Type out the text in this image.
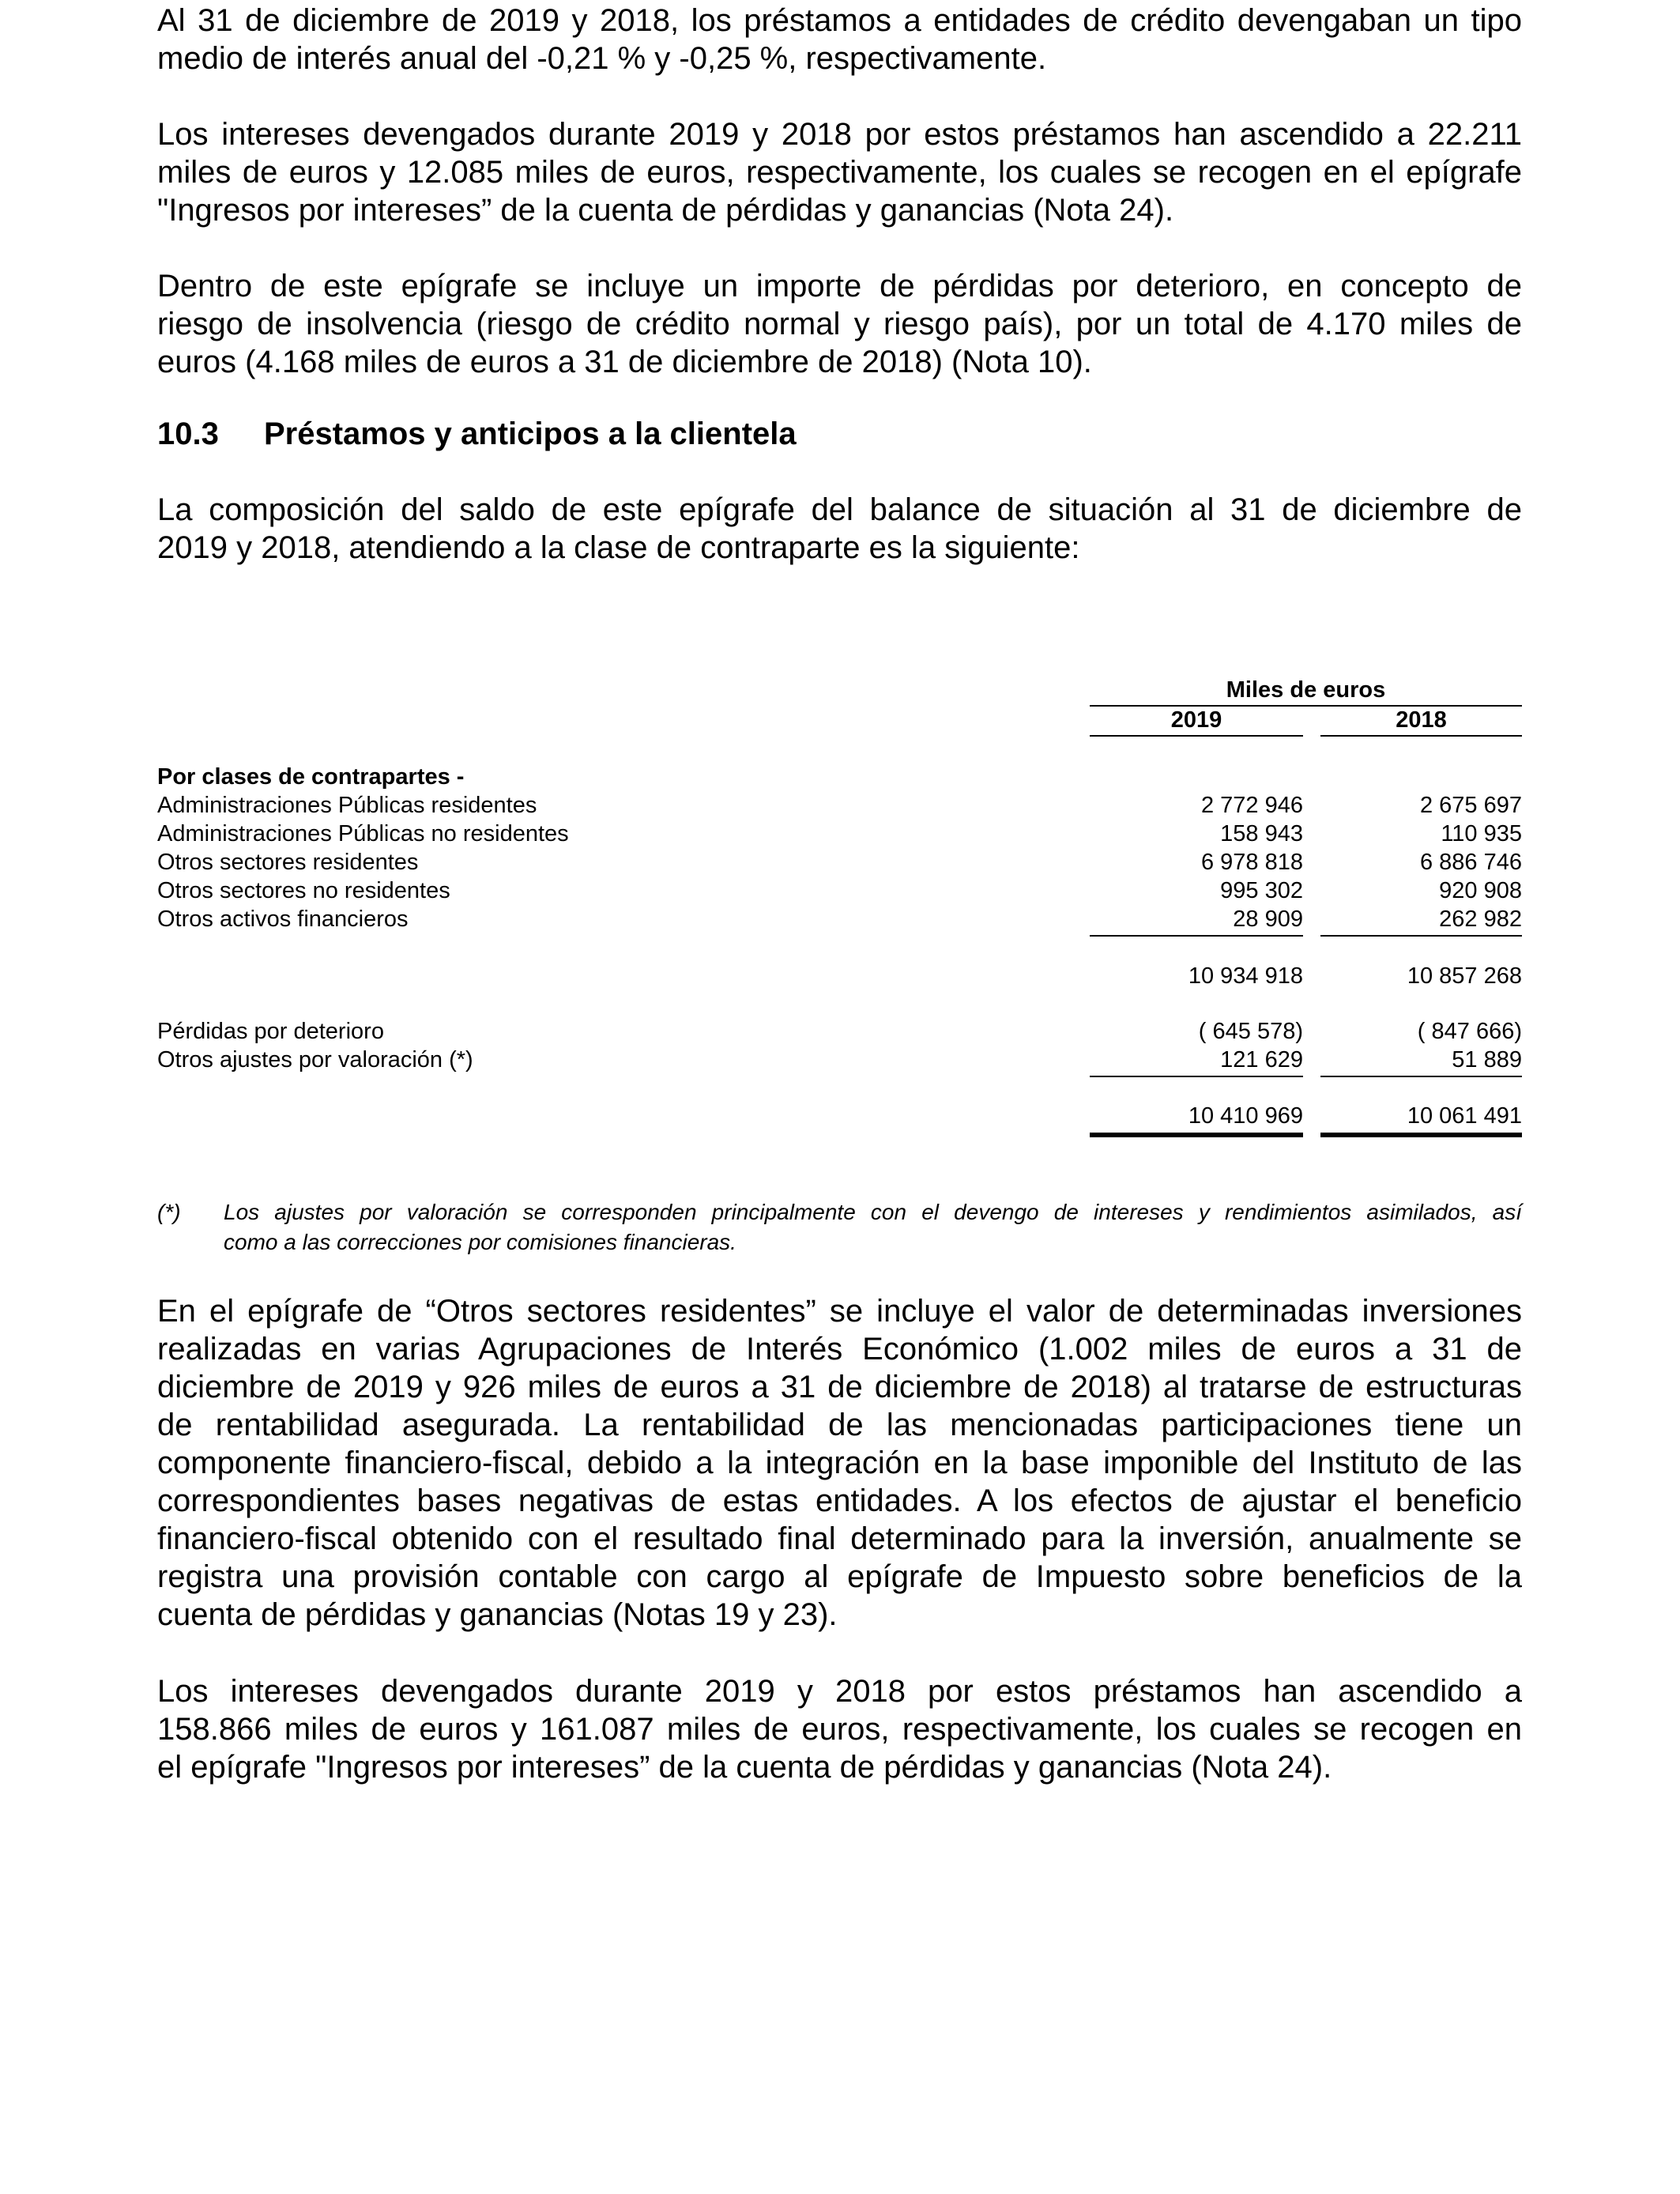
Al 31 de diciembre de 2019 y 2018, los préstamos a entidades de crédito devengaban un tipo
medio de interés anual del -0,21 % y -0,25 %, respectivamente.
Los intereses devengados durante 2019 y 2018 por estos préstamos han ascendido a 22.211
miles de euros y 12.085 miles de euros, respectivamente, los cuales se recogen en el epígrafe
"Ingresos por intereses” de la cuenta de pérdidas y ganancias (Nota 24).
Dentro de este epígrafe se incluye un importe de pérdidas por deterioro, en concepto de
riesgo de insolvencia (riesgo de crédito normal y riesgo país), por un total de 4.170 miles de
euros (4.168 miles de euros a 31 de diciembre de 2018) (Nota 10).
10.3 Préstamos y anticipos a la clientela
La composición del saldo de este epígrafe del balance de situación al 31 de diciembre de
2019 y 2018, atendiendo a la clase de contraparte es la siguiente:
Miles de euros
2019	2018
Por clases de contrapartes -
Administraciones Públicas residentes	2 772 946	2 675 697
Administraciones Públicas no residentes	158 943	110 935
Otros sectores residentes	6 978 818	6 886 746
Otros sectores no residentes	995 302	920 908
Otros activos financieros	28 909	262 982
10 934 918	10 857 268
Pérdidas por deterioro	( 645 578)	( 847 666)
Otros ajustes por valoración (*)	121 629	51 889
10 410 969	10 061 491
(*) Los ajustes por valoración se corresponden principalmente con el devengo de intereses y rendimientos asimilados, así
como a las correcciones por comisiones financieras.
En el epígrafe de “Otros sectores residentes” se incluye el valor de determinadas inversiones
realizadas en varias Agrupaciones de Interés Económico (1.002 miles de euros a 31 de
diciembre de 2019 y 926 miles de euros a 31 de diciembre de 2018) al tratarse de estructuras
de rentabilidad asegurada. La rentabilidad de las mencionadas participaciones tiene un
componente financiero-fiscal, debido a la integración en la base imponible del Instituto de las
correspondientes bases negativas de estas entidades. A los efectos de ajustar el beneficio
financiero-fiscal obtenido con el resultado final determinado para la inversión, anualmente se
registra una provisión contable con cargo al epígrafe de Impuesto sobre beneficios de la
cuenta de pérdidas y ganancias (Notas 19 y 23).
Los intereses devengados durante 2019 y 2018 por estos préstamos han ascendido a
158.866 miles de euros y 161.087 miles de euros, respectivamente, los cuales se recogen en
el epígrafe "Ingresos por intereses” de la cuenta de pérdidas y ganancias (Nota 24).
